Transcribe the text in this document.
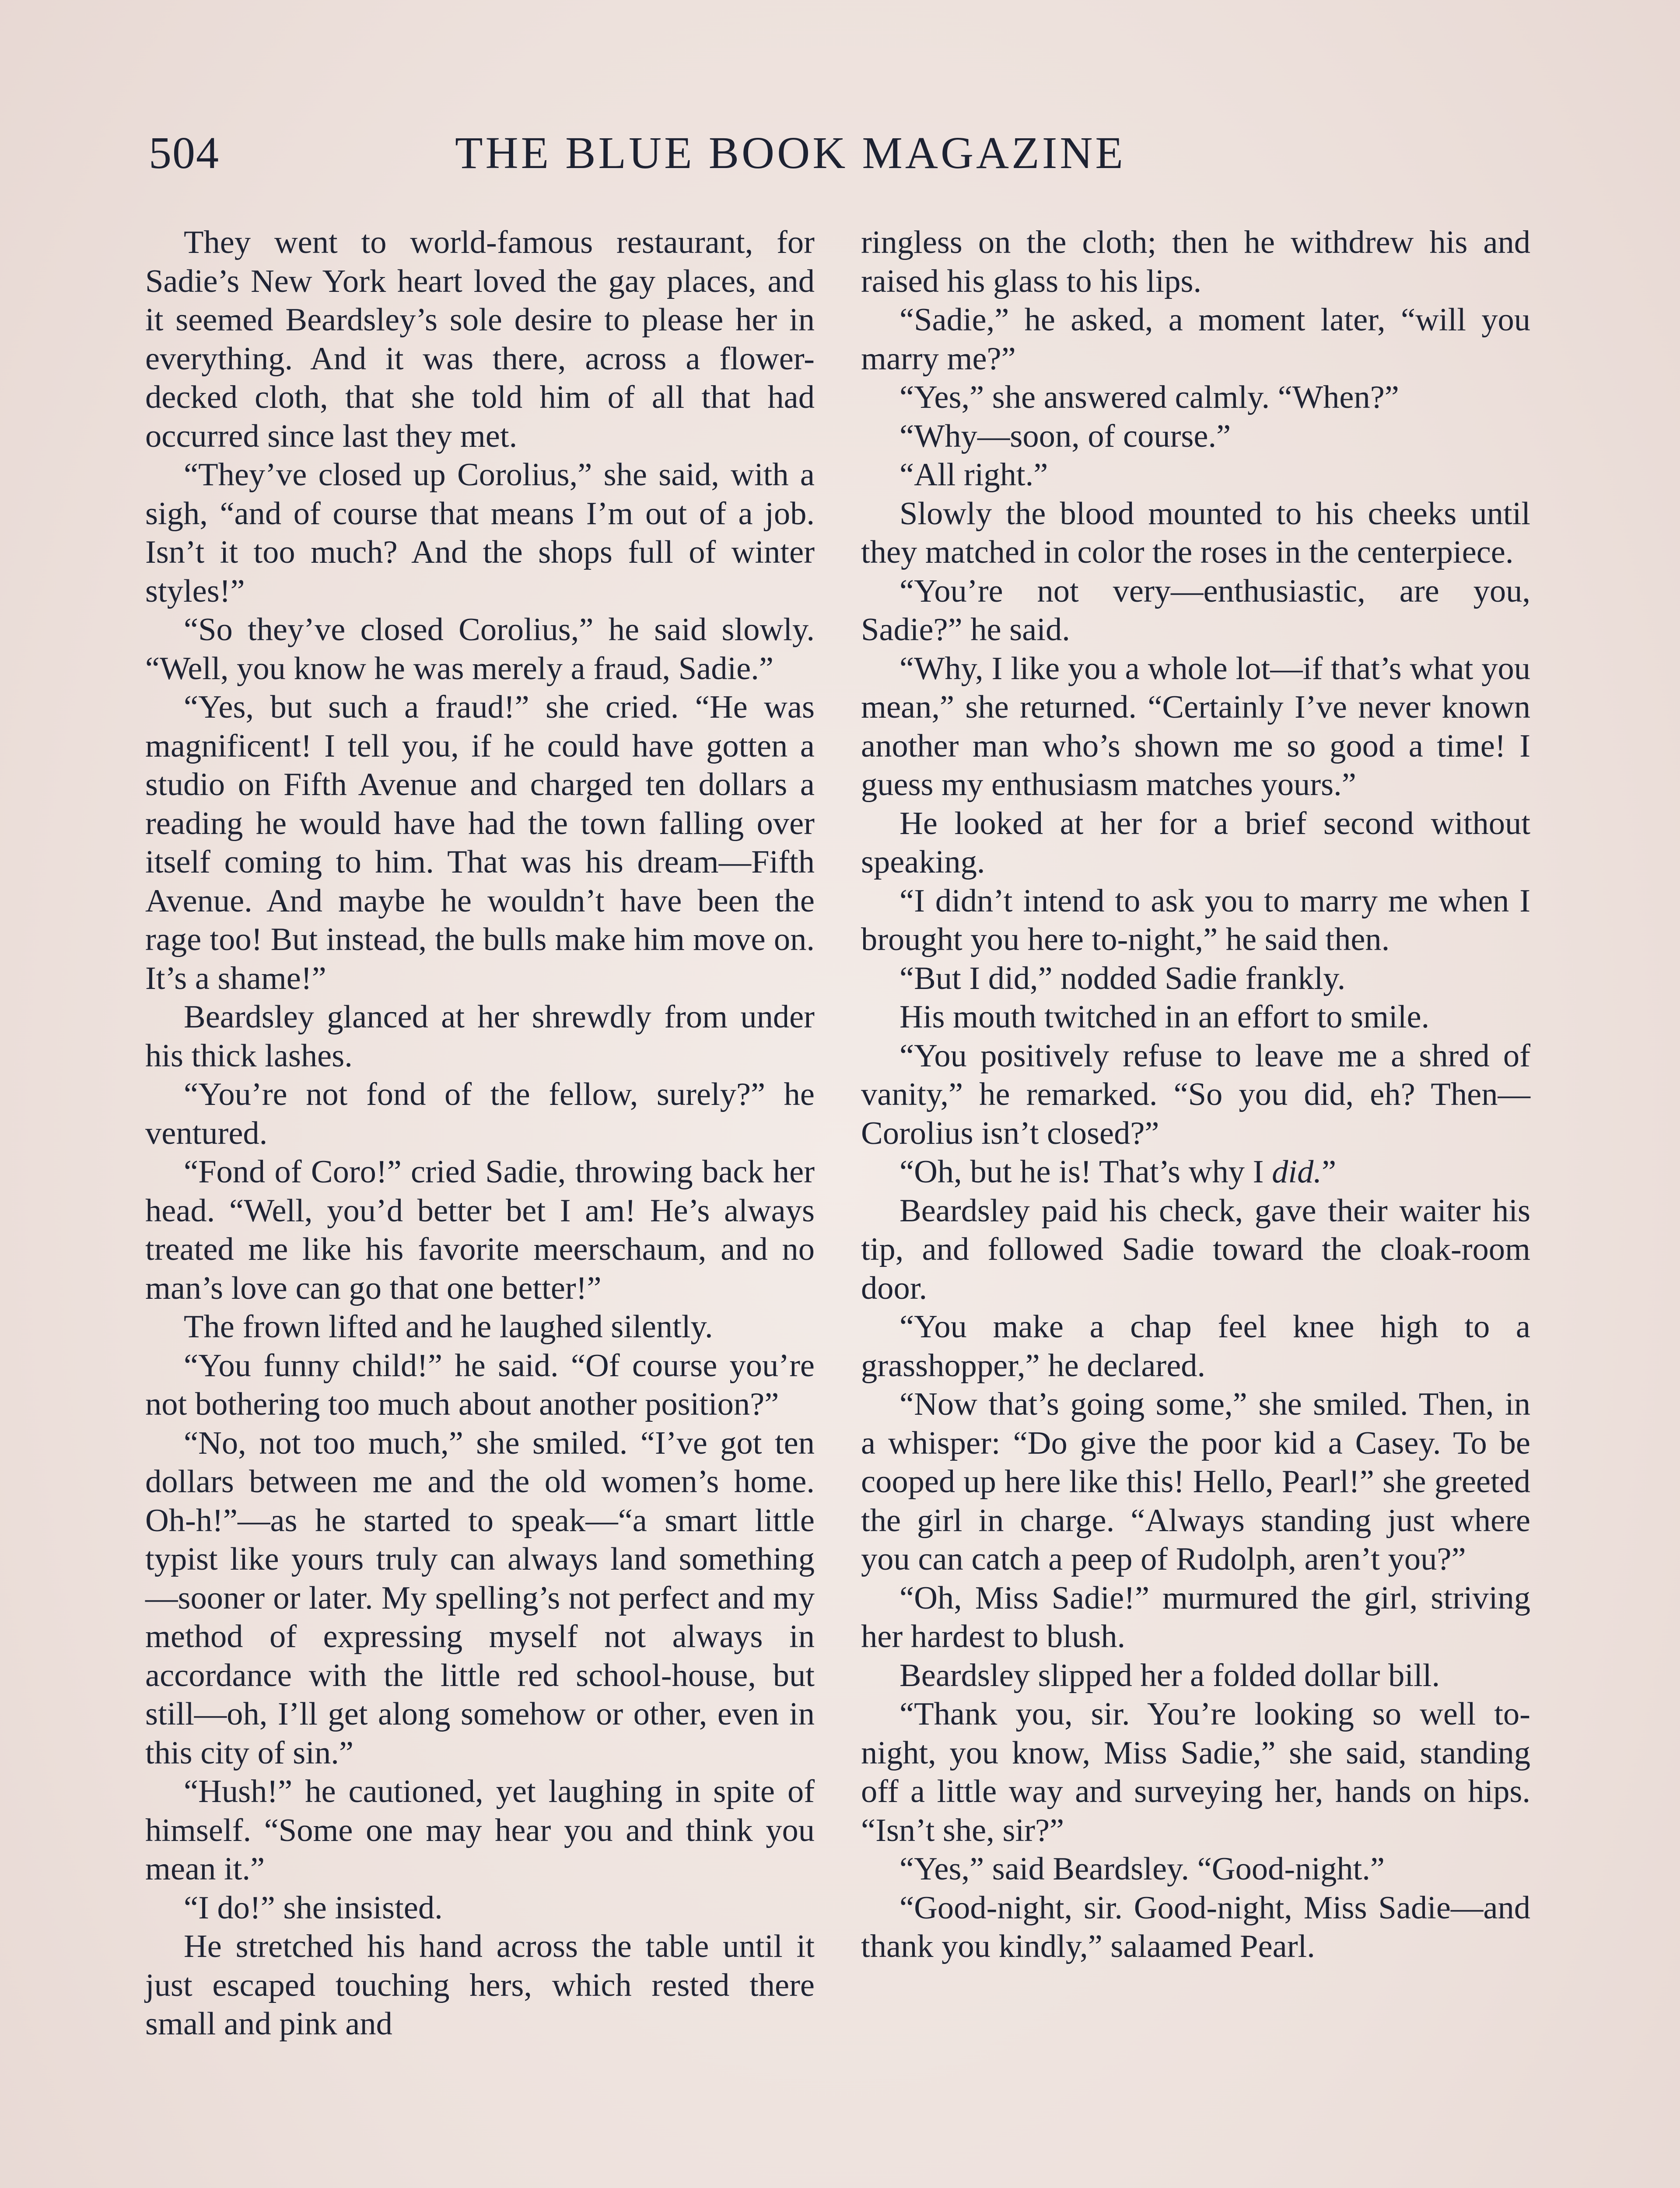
504	THE BLUE BOOK MAGAZINE

They went to world-famous restaurant, for Sadie’s New York heart loved the gay places, and it seemed Beardsley’s sole desire to please her in everything. And it was there, across a flower-decked cloth, that she told him of all that had occurred since last they met.

“They’ve closed up Corolius,” she said, with a sigh, “and of course that means I’m out of a job. Isn’t it too much? And the shops full of winter styles!”

“So they’ve closed Corolius,” he said slowly. “Well, you know he was merely a fraud, Sadie.”

“Yes, but such a fraud!” she cried. “He was magnificent! I tell you, if he could have gotten a studio on Fifth Avenue and charged ten dollars a reading he would have had the town falling over itself coming to him. That was his dream—Fifth Avenue. And maybe he wouldn’t have been the rage too! But instead, the bulls make him move on. It’s a shame!”

Beardsley glanced at her shrewdly from under his thick lashes.

“You’re not fond of the fellow, surely?” he ventured.

“Fond of Coro!” cried Sadie, throwing back her head. “Well, you’d better bet I am! He’s always treated me like his favorite meerschaum, and no man’s love can go that one better!”

The frown lifted and he laughed silently.

“You funny child!” he said. “Of course you’re not bothering too much about another position?”

“No, not too much,” she smiled. “I’ve got ten dollars between me and the old women’s home. Oh-h!”—as he started to speak—“a smart little typist like yours truly can always land something—sooner or later. My spelling’s not perfect and my method of expressing myself not always in accordance with the little red school-house, but still—oh, I’ll get along somehow or other, even in this city of sin.”

“Hush!” he cautioned, yet laughing in spite of himself. “Some one may hear you and think you mean it.”

“I do!” she insisted.

He stretched his hand across the table until it just escaped touching hers, which rested there small and pink and

ringless on the cloth; then he withdrew his and raised his glass to his lips.

“Sadie,” he asked, a moment later, “will you marry me?”

“Yes,” she answered calmly. “When?”

“Why—soon, of course.”

“All right.”

Slowly the blood mounted to his cheeks until they matched in color the roses in the centerpiece.

“You’re not very—enthusiastic, are you, Sadie?” he said.

“Why, I like you a whole lot—if that’s what you mean,” she returned. “Certainly I’ve never known another man who’s shown me so good a time! I guess my enthusiasm matches yours.”

He looked at her for a brief second without speaking.

“I didn’t intend to ask you to marry me when I brought you here to-night,” he said then.

“But I did,” nodded Sadie frankly.

His mouth twitched in an effort to smile.

“You positively refuse to leave me a shred of vanity,” he remarked. “So you did, eh? Then—Corolius isn’t closed?”

“Oh, but he is! That’s why I did.”

Beardsley paid his check, gave their waiter his tip, and followed Sadie toward the cloak-room door.

“You make a chap feel knee high to a grasshopper,” he declared.

“Now that’s going some,” she smiled. Then, in a whisper: “Do give the poor kid a Casey. To be cooped up here like this! Hello, Pearl!” she greeted the girl in charge. “Always standing just where you can catch a peep of Rudolph, aren’t you?”

“Oh, Miss Sadie!” murmured the girl, striving her hardest to blush.

Beardsley slipped her a folded dollar bill.

“Thank you, sir. You’re looking so well to-night, you know, Miss Sadie,” she said, standing off a little way and surveying her, hands on hips. “Isn’t she, sir?”

“Yes,” said Beardsley. “Good-night.”

“Good-night, sir. Good-night, Miss Sadie—and thank you kindly,” salaamed Pearl.
